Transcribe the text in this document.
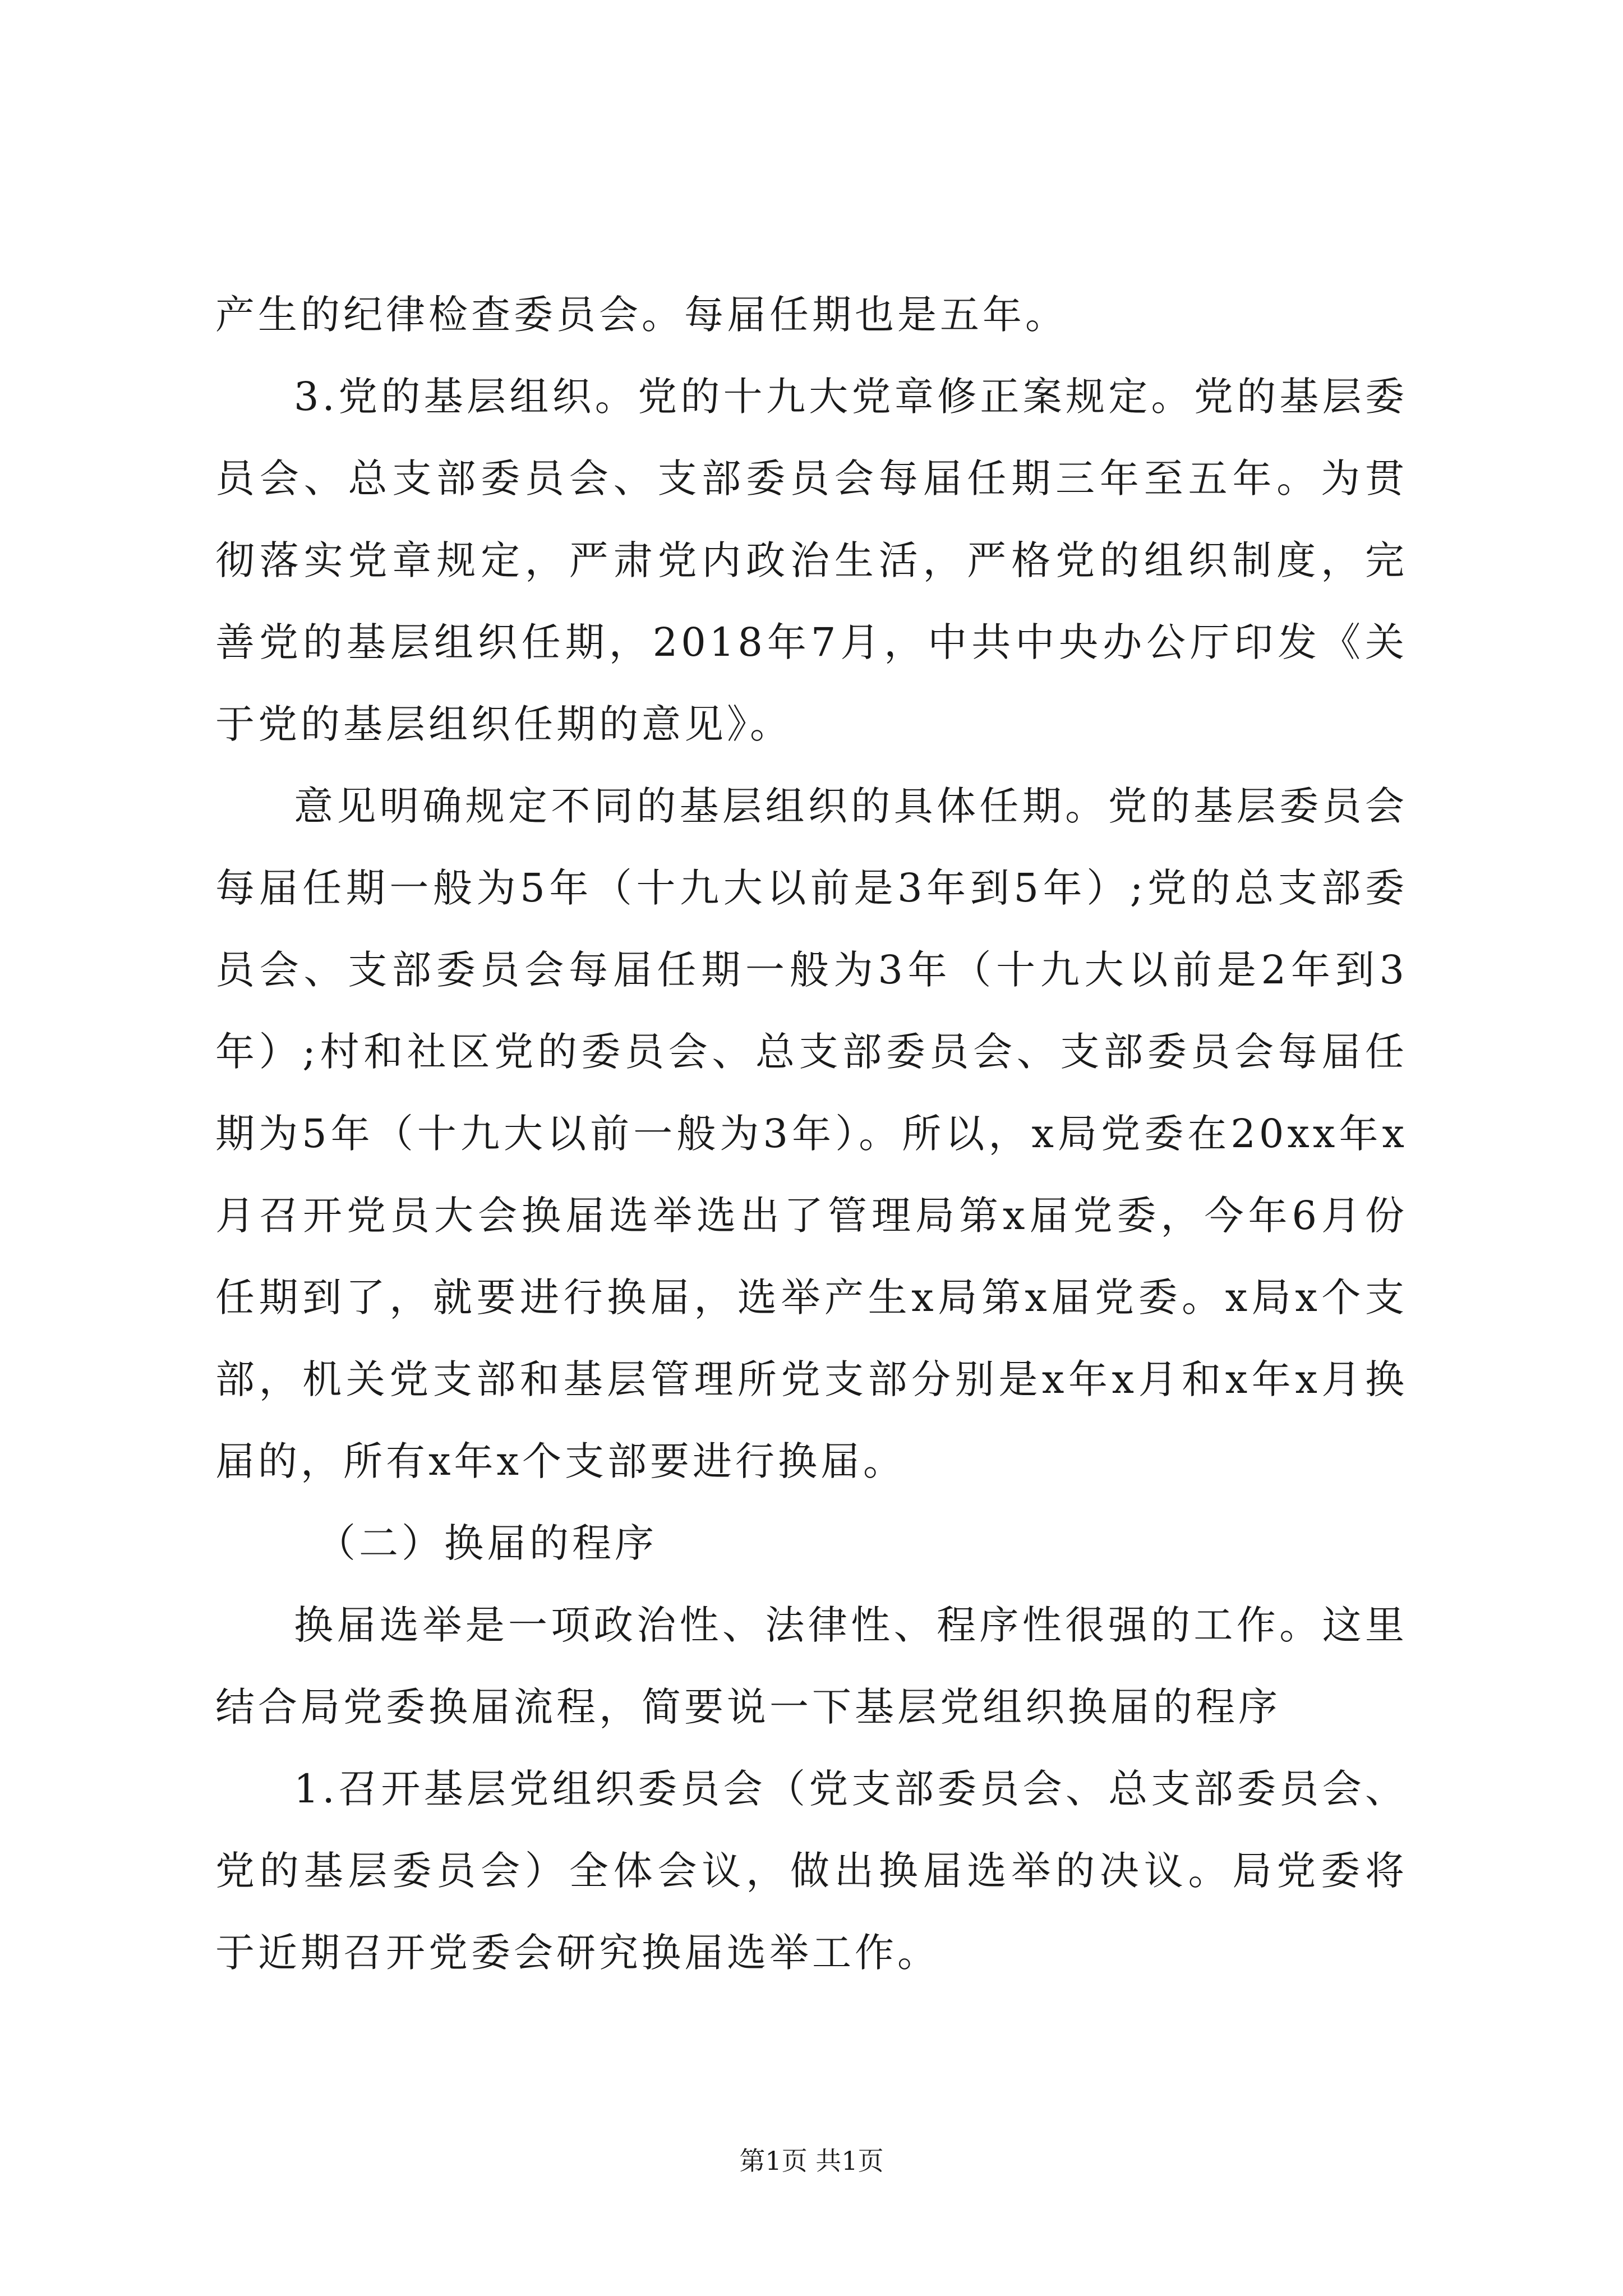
产生的纪律检查委员会。每届任期也是五年。

3.党的基层组织。党的十九大党章修正案规定。党的基层委员会、总支部委员会、支部委员会每届任期三年至五年。为贯彻落实党章规定，严肃党内政治生活，严格党的组织制度，完善党的基层组织任期，2018年7月，中共中央办公厅印发《关于党的基层组织任期的意见》。

意见明确规定不同的基层组织的具体任期。党的基层委员会每届任期一般为5年（十九大以前是3年到5年）;党的总支部委员会、支部委员会每届任期一般为3年（十九大以前是2年到3年）;村和社区党的委员会、总支部委员会、支部委员会每届任期为5年（十九大以前一般为3年）。所以，x局党委在20xx年x月召开党员大会换届选举选出了管理局第x届党委，今年6月份任期到了，就要进行换届，选举产生x局第x届党委。x局x个支部，机关党支部和基层管理所党支部分别是x年x月和x年x月换届的，所有x年x个支部要进行换届。

（二）换届的程序

换届选举是一项政治性、法律性、程序性很强的工作。这里结合局党委换届流程，简要说一下基层党组织换届的程序

1.召开基层党组织委员会（党支部委员会、总支部委员会、党的基层委员会）全体会议，做出换届选举的决议。局党委将于近期召开党委会研究换届选举工作。

第1页 共1页
